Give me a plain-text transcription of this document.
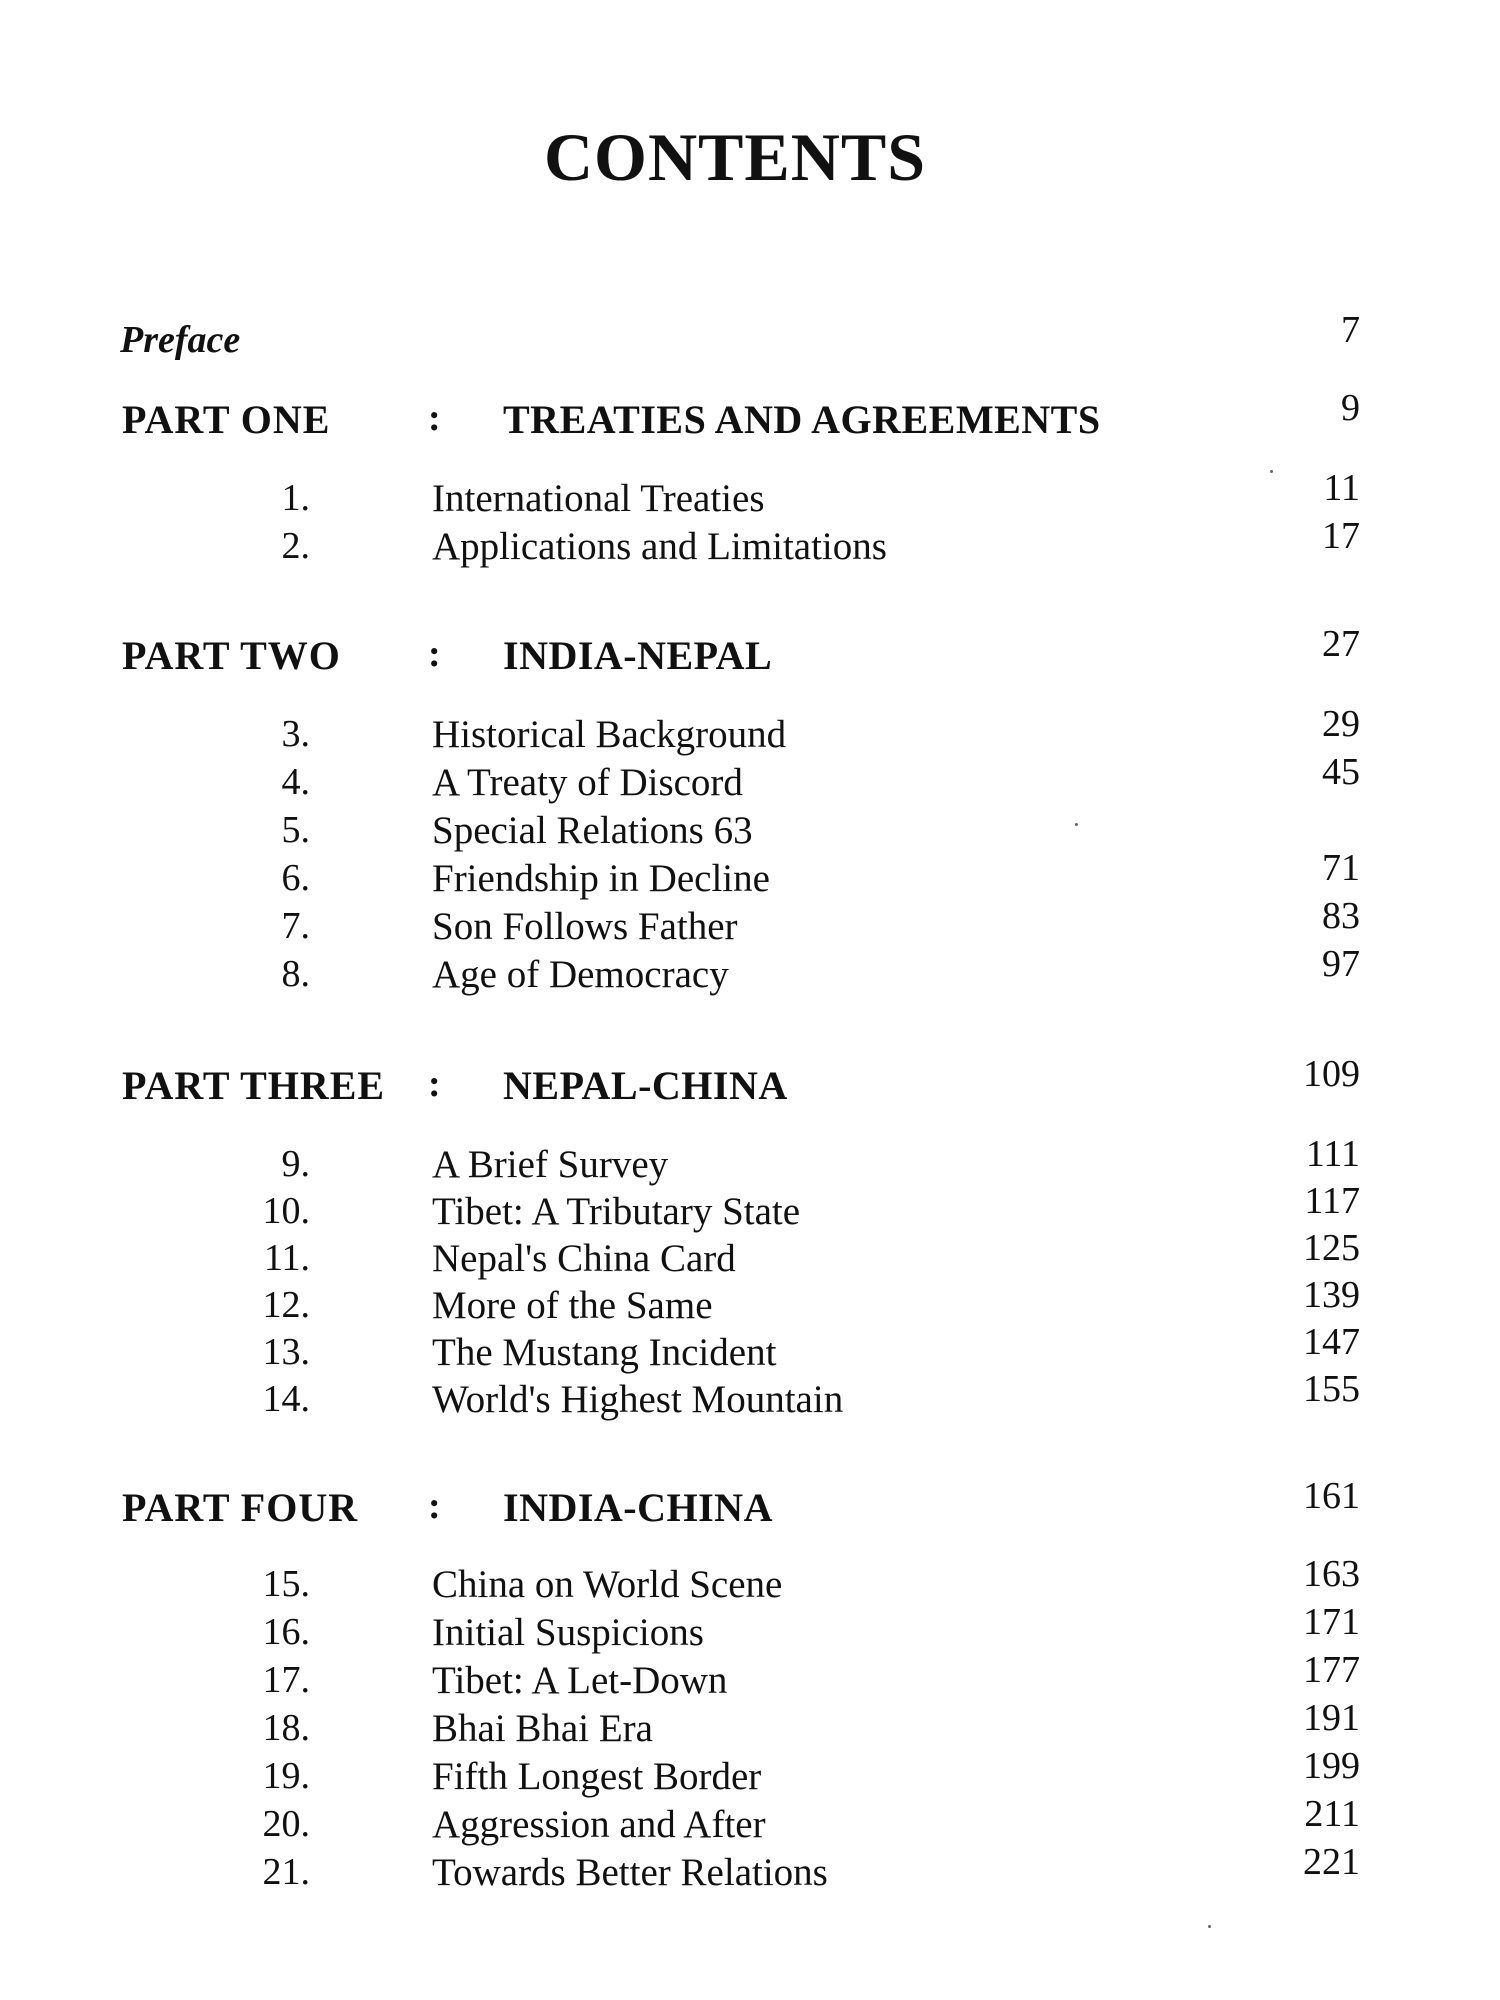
CONTENTS
Preface	7
PART ONE	: TREATIES AND AGREEMENTS	9
1.	International Treaties	11
2.	Applications and Limitations	17
PART TWO : INDIA-NEPAL	27
3.	Historical Background	29
4.	A Treaty of Discord	45
5.	Special Relations 63
6.	Friendship in Decline	71
7.	Son Follows Father	83
8.	Age of Democracy	97
PART THREE : NEPAL-CHINA	109
9.	A Brief Survey	111
10.	Tibet: A Tributary State	117
11.	Nepal's China Card	125
12.	More of the Same	139
13.	The Mustang Incident	147
14.	World's Highest Mountain	155
PART FOUR : INDIA-CHINA	161
15.	China on World Scene	163
16.	Initial Suspicions	171
17.	Tibet: A Let-Down	177
18.	Bhai Bhai Era	191
19.	Fifth Longest Border	199
20.	Aggression and After	211
21.	Towards Better Relations	221
